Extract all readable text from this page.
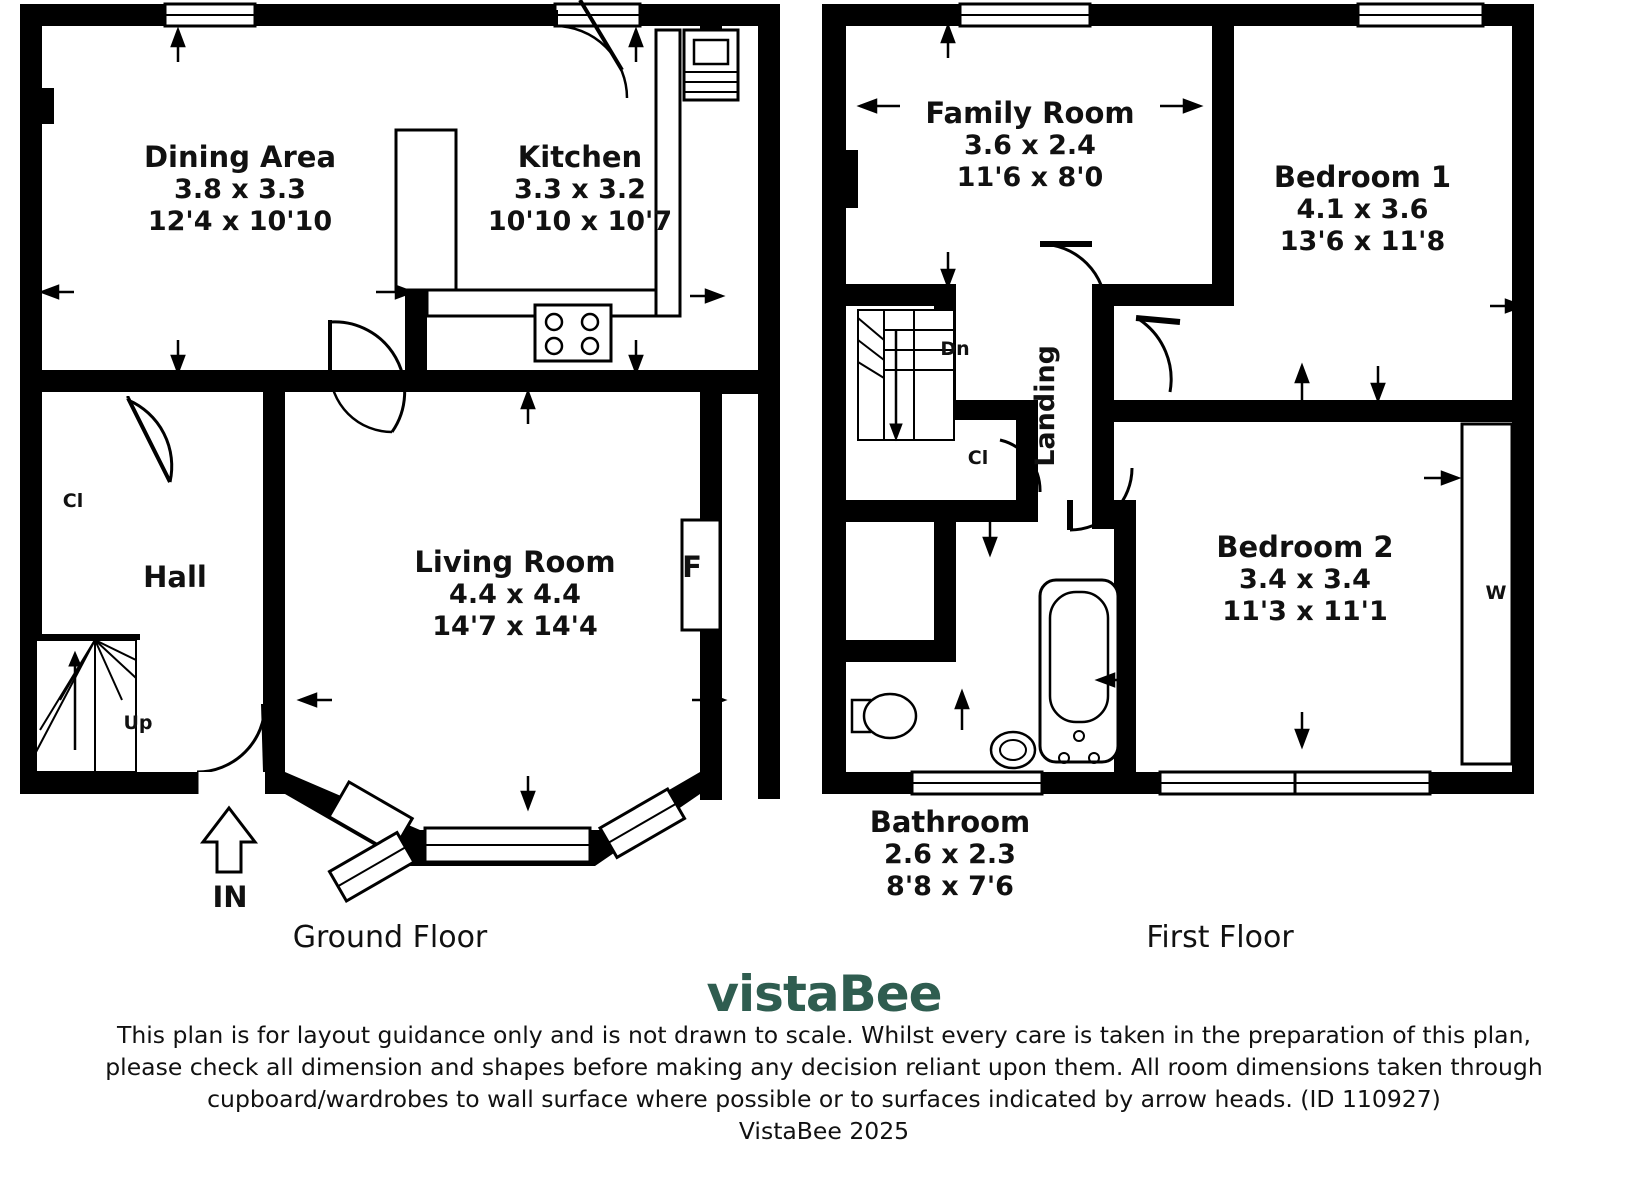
Dining Area
3.8 x 3.3
12'4 x 10'10
Kitchen
3.3 x 3.2
10'10 x 10'7
Living Room
4.4 x 4.4
14'7 x 14'4
Hall
Cl
Up
IN
F
Ground Floor
Family Room
3.6 x 2.4
11'6 x 8'0	Bedroom 1
4.1 x 3.6
13'6 x 11'8
Bedroom 2
3.4 x 3.4
11'3 x 11'1
Bathroom
2.6 x 2.3
8'8 x 7'6
Dn
Cl	Landing
W
First Floor
vistaBee
This plan is for layout guidance only and is not drawn to scale. Whilst every care is taken in the preparation of this plan,
please check all dimension and shapes before making any decision reliant upon them. All room dimensions taken through
cupboard/wardrobes to wall surface where possible or to surfaces indicated by arrow heads. (ID 110927)
VistaBee 2025
